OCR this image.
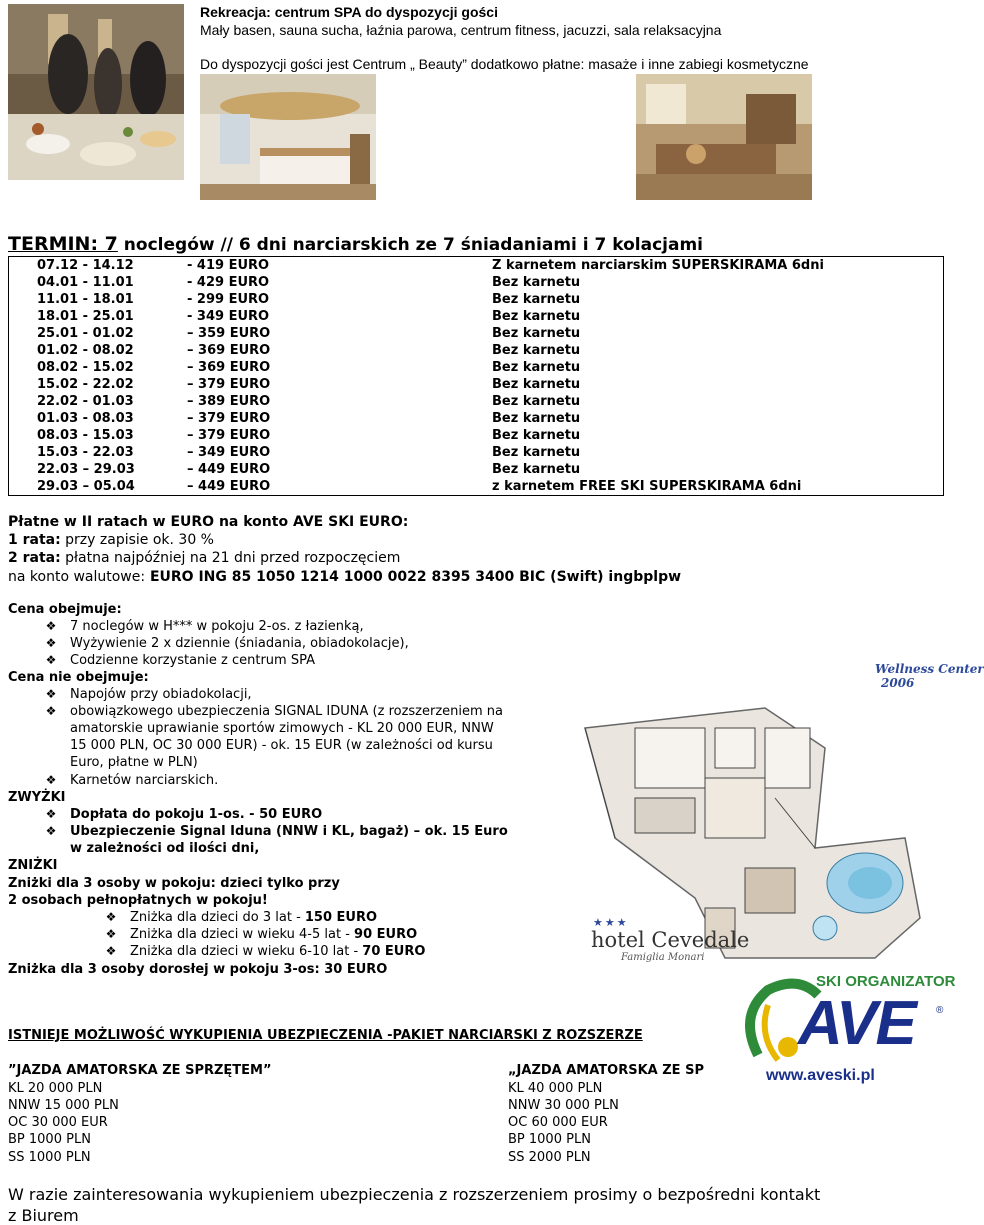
Rekreacja: centrum SPA do dyspozycji gości
Mały basen, sauna sucha, łaźnia parowa, centrum fitness, jacuzzi, sala relaksacyjna
Do dyspozycji gości jest Centrum „ Beauty” dodatkowo płatne: masaże i inne zabiegi kosmetyczne
TERMIN: 7 noclegów // 6 dni narciarskich ze 7 śniadaniami i 7 kolacjami
07.12 - 14.12	- 419 EURO	Z karnetem narciarskim SUPERSKIRAMA 6dni
04.01 - 11.01	- 429 EURO	Bez karnetu
11.01 - 18.01	- 299 EURO	Bez karnetu
18.01 - 25.01	- 349 EURO	Bez karnetu
25.01 - 01.02	– 359 EURO	Bez karnetu
01.02 - 08.02	– 369 EURO	Bez karnetu
08.02 - 15.02	– 369 EURO	Bez karnetu
15.02 - 22.02	– 379 EURO	Bez karnetu
22.02 - 01.03	– 389 EURO	Bez karnetu
01.03 - 08.03	– 379 EURO	Bez karnetu
08.03 - 15.03	– 379 EURO	Bez karnetu
15.03 - 22.03	– 349 EURO	Bez karnetu
22.03 – 29.03	– 449 EURO	Bez karnetu
29.03 – 05.04	– 449 EURO	z karnetem FREE SKI SUPERSKIRAMA 6dni
Płatne w II ratach w EURO na konto AVE SKI EURO:
1 rata: przy zapisie ok. 30 %
2 rata: płatna najpóźniej na 21 dni przed rozpoczęciem
na konto walutowe: EURO ING 85 1050 1214 1000 0022 8395 3400 BIC (Swift) ingbplpw
Cena obejmuje:
❖ 7 noclegów w H*** w pokoju 2-os. z łazienką,
❖ Wyżywienie 2 x dziennie (śniadania, obiadokolacje),
❖ Codzienne korzystanie z centrum SPA
Cena nie obejmuje:
❖ Napojów przy obiadokolacji,
❖ obowiązkowego ubezpieczenia SIGNAL IDUNA (z rozszerzeniem na
amatorskie uprawianie sportów zimowych - KL 20 000 EUR, NNW
15 000 PLN, OC 30 000 EUR) - ok. 15 EUR (w zależności od kursu
Euro, płatne w PLN)
❖ Karnetów narciarskich.
ZWYŻKI
❖ Dopłata do pokoju 1-os. - 50 EURO
❖ Ubezpieczenie Signal Iduna (NNW i KL, bagaż) – ok. 15 Euro
w zależności od ilości dni,
ZNIŻKI
Zniżki dla 3 osoby w pokoju: dzieci tylko przy
2 osobach pełnopłatnych w pokoju!
❖ Zniżka dla dzieci do 3 lat - 150 EURO
❖ Zniżka dla dzieci w wieku 4-5 lat - 90 EURO
❖ Zniżka dla dzieci w wieku 6-10 lat - 70 EURO
Zniżka dla 3 osoby dorosłej w pokoju 3-os: 30 EURO
Wellness Center
2006
★★★
hotel Cevedale
Famiglia Monari
SKI ORGANIZATOR
AVE ®
www.aveski.pl
ISTNIEJE MOŻLIWOŚĆ WYKUPIENIA UBEZPIECZENIA -PAKIET NARCIARSKI Z ROZSZERZE
”JAZDA AMATORSKA ZE SPRZĘTEM”
KL 20 000 PLN
NNW 15 000 PLN
OC 30 000 EUR
BP 1000 PLN
SS 1000 PLN
„JAZDA AMATORSKA ZE SP
KL 40 000 PLN
NNW 30 000 PLN
OC 60 000 EUR
BP 1000 PLN
SS 2000 PLN
W razie zainteresowania wykupieniem ubezpieczenia z rozszerzeniem prosimy o bezpośredni kontakt
z Biurem
